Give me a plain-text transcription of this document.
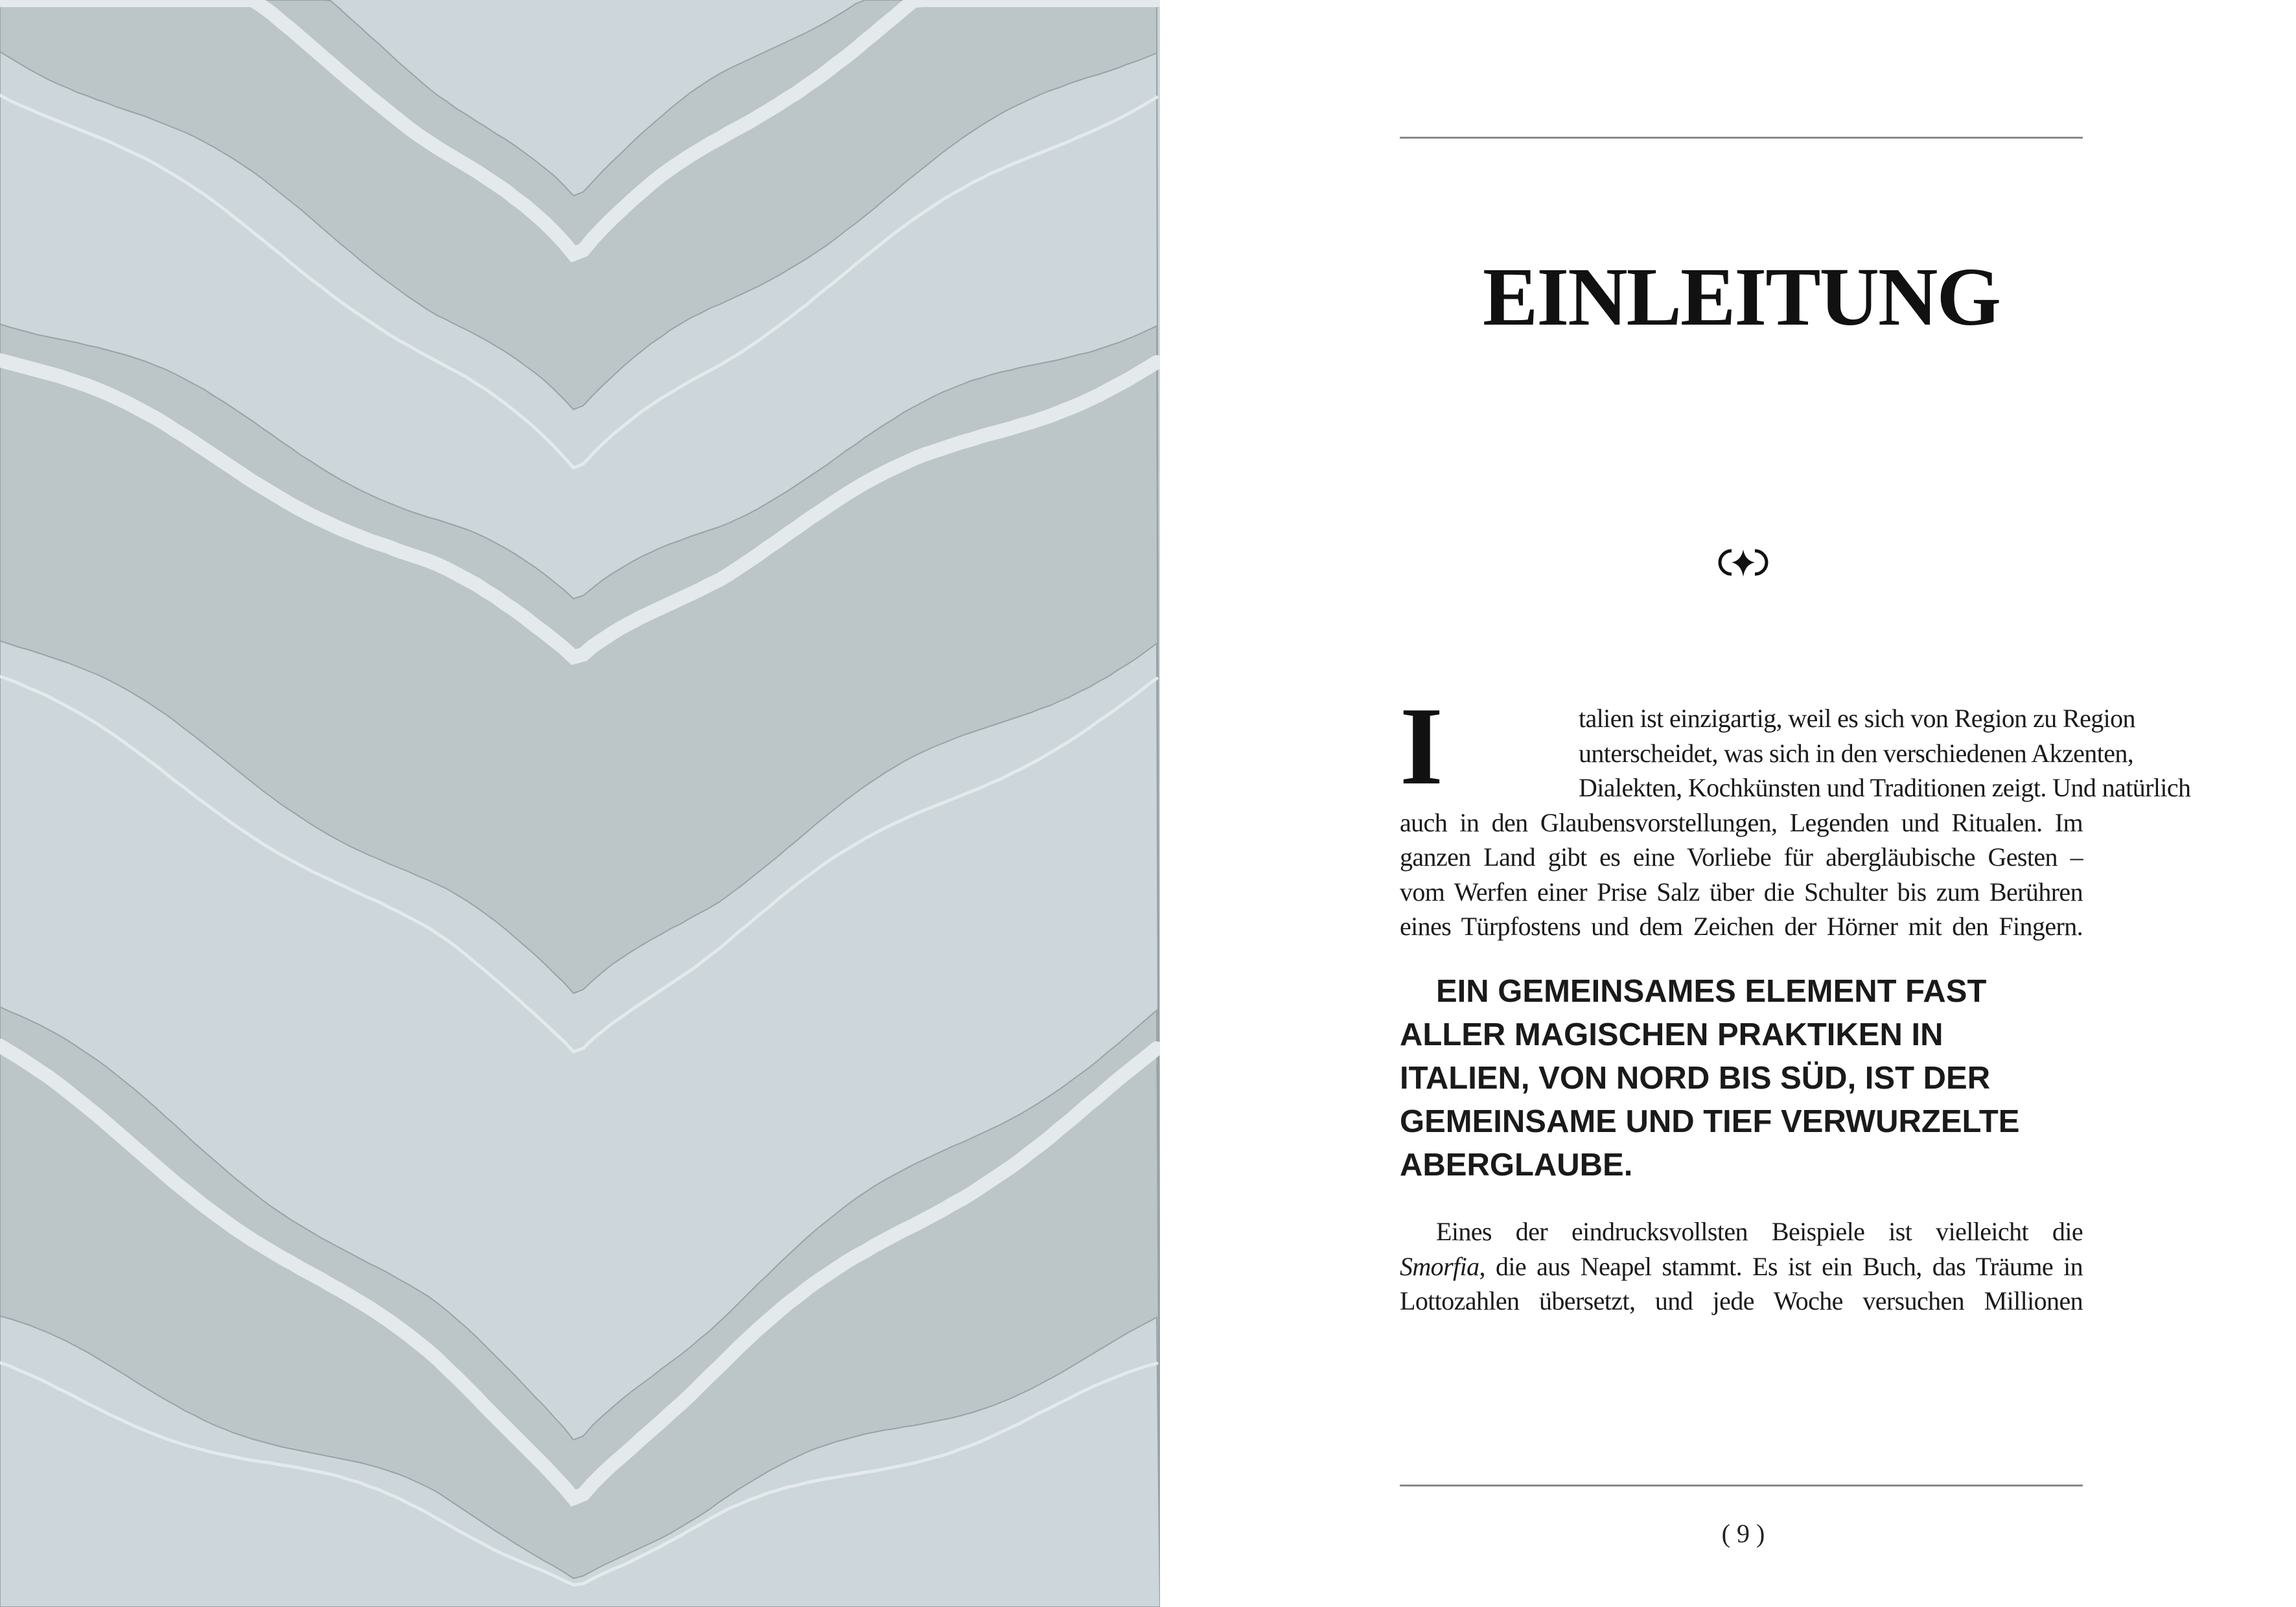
EINLEITUNG
I	talien ist einzigartig, weil es sich von Region zu Region
unterscheidet, was sich in den verschiedenen Akzenten,
Dialekten, Kochkünsten und Traditionen zeigt. Und natürlich
auch in den Glaubensvorstellungen, Legenden und Ritualen. Im
ganzen Land gibt es eine Vorliebe für abergläubische Gesten –
vom Werfen einer Prise Salz über die Schulter bis zum Berühren
eines Türpfostens und dem Zeichen der Hörner mit den Fingern.
EIN GEMEINSAMES ELEMENT FAST
ALLER MAGISCHEN PRAKTIKEN IN
ITALIEN, VON NORD BIS SÜD, IST DER
GEMEINSAME UND TIEF VERWURZELTE
ABERGLAUBE.
Eines der eindrucksvollsten Beispiele ist vielleicht die
Smorfia, die aus Neapel stammt. Es ist ein Buch, das Träume in
Lottozahlen übersetzt, und jede Woche versuchen Millionen
( 9 )
